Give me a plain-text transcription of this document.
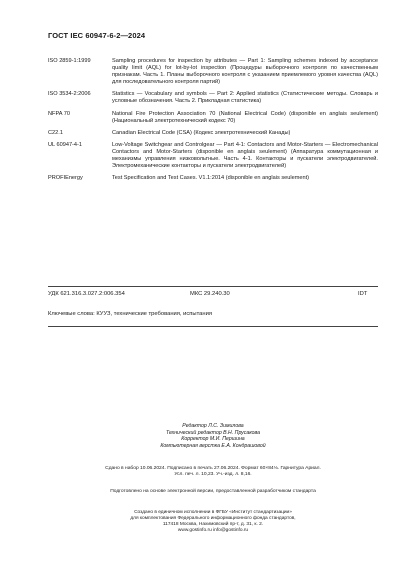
ГОСТ IEC 60947-6-2—2024
ISO 2859-1:1999	Sampling procedures for inspection by attributes — Part 1: Sampling schemes indexed by acceptance quality limit (AQL) for lot-by-lot inspection (Процедуры выборочного контроля по качественным признакам. Часть 1. Планы выборочного контроля с указанием приемлемого уровня качества (AQL) для последовательного контроля партий)
ISO 3534-2:2006	Statistics — Vocabulary and symbols — Part 2: Applied statistics (Статистические методы. Словарь и условные обозначения. Часть 2. Прикладная статистика)
NFPA 70	National Fire Protection Association 70 (National Electrical Code) (disponible en anglais seulement) (Национальный электротехнический кодекс 70)
C22.1	Canadian Electrical Code (CSA) (Кодекс электротехнический Канады)
UL 60947-4-1	Low-Voltage Switchgear and Controlgear — Part 4-1: Contactors and Motor-Starters — Electromechanical Contactors and Motor-Starters (disponible en anglais seulement) (Аппаратура коммутационная и механизмы управления низковольтные. Часть 4-1. Контакторы и пускатели электродвигателей. Электромеханические контакторы и пускатели электродвигателей)
PROFIEnergy	Test Specification and Test Cases. V1.1:2014 (disponible en anglais seulement)
УДК 621.316.3.027.2:006.354	МКС 29.240.30	IDT
Ключевые слова: КУУЗ, технические требования, испытания
Редактор Л.С. Зимилова
Технический редактор В.Н. Прусакова
Корректор М.И. Першина
Компьютерная верстка Е.А. Кондрашовой
Сдано в набор 10.06.2024. Подписано в печать 27.06.2024. Формат 60×84⅛. Гарнитура Ариал.
Усл. печ. л. 10,23. Уч.-изд. л. 8,16.
Подготовлено на основе электронной версии, предоставленной разработчиком стандарта
Создано в единичном исполнении в ФГБУ «Институт стандартизации»
для комплектования Федерального информационного фонда стандартов,
117418 Москва, Нахимовский пр-т, д. 31, к. 2.
www.gostinfo.ru info@gostinfo.ru
